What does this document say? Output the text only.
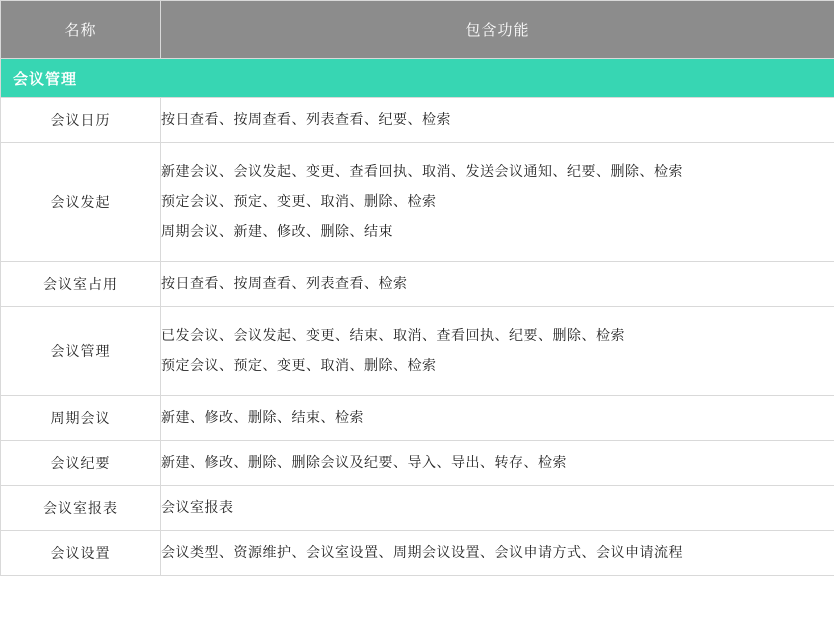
名称	包含功能
会议管理	
会议日历	按日查看、按周查看、列表查看、纪要、检索

会议发起	新建会议、会议发起、变更、查看回执、取消、发送会议通知、纪要、删除、检索

预定会议、预定、变更、取消、删除、检索

周期会议、新建、修改、删除、结束

会议室占用	按日查看、按周查看、列表查看、检索

会议管理	已发会议、会议发起、变更、结束、取消、查看回执、纪要、删除、检索

预定会议、预定、变更、取消、删除、检索

周期会议	新建、修改、删除、结束、检索

会议纪要	新建、修改、删除、删除会议及纪要、导入、导出、转存、检索

会议室报表	会议室报表

会议设置	会议类型、资源维护、会议室设置、周期会议设置、会议申请方式、会议申请流程
